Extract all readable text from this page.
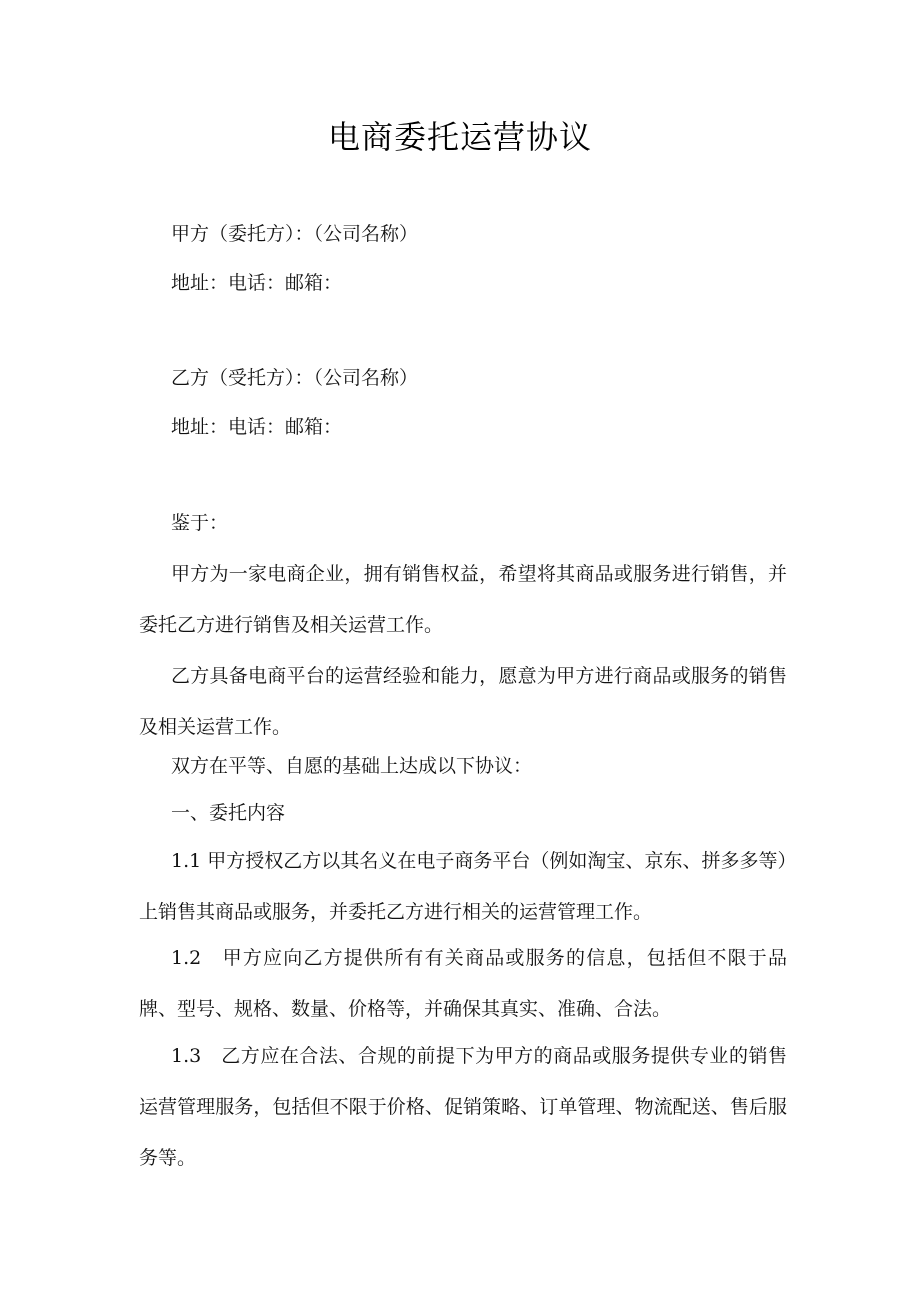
电商委托运营协议
甲方（委托方）：（公司名称）
地址：电话：邮箱：
乙方（受托方）：（公司名称）
地址：电话：邮箱：
鉴于：
甲方为一家电商企业，拥有销售权益，希望将其商品或服务进行销售，并委托乙方进行销售及相关运营工作。
乙方具备电商平台的运营经验和能力，愿意为甲方进行商品或服务的销售及相关运营工作。
双方在平等、自愿的基础上达成以下协议：
一、委托内容
1.1 甲方授权乙方以其名义在电子商务平台（例如淘宝、京东、拼多多等）上销售其商品或服务，并委托乙方进行相关的运营管理工作。
1.2　甲方应向乙方提供所有有关商品或服务的信息，包括但不限于品牌、型号、规格、数量、价格等，并确保其真实、准确、合法。
1.3　乙方应在合法、合规的前提下为甲方的商品或服务提供专业的销售运营管理服务，包括但不限于价格、促销策略、订单管理、物流配送、售后服务等。
